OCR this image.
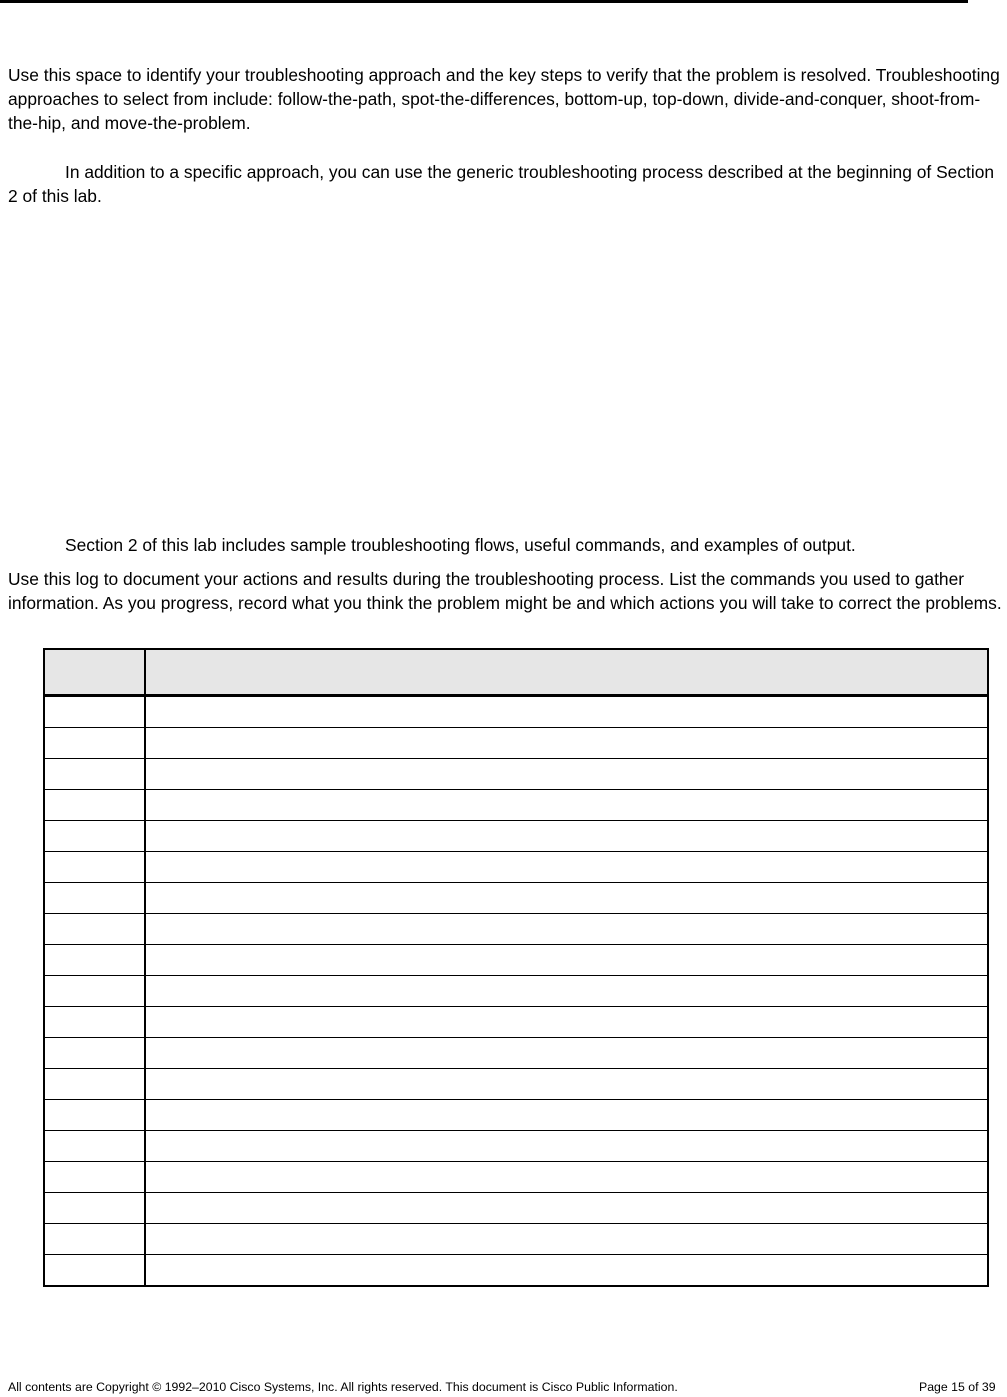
Use this space to identify your troubleshooting approach and the key steps to verify that the problem is resolved. Troubleshooting approaches to select from include: follow-the-path, spot-the-differences, bottom-up, top-down, divide-and-conquer, shoot-from-the-hip, and move-the-problem.

In addition to a specific approach, you can use the generic troubleshooting process described at the beginning of Section 2 of this lab.

Section 2 of this lab includes sample troubleshooting flows, useful commands, and examples of output.

Use this log to document your actions and results during the troubleshooting process. List the commands you used to gather information. As you progress, record what you think the problem might be and which actions you will take to correct the problems.

All contents are Copyright © 1992–2010 Cisco Systems, Inc. All rights reserved. This document is Cisco Public Information.	Page 15 of 39
